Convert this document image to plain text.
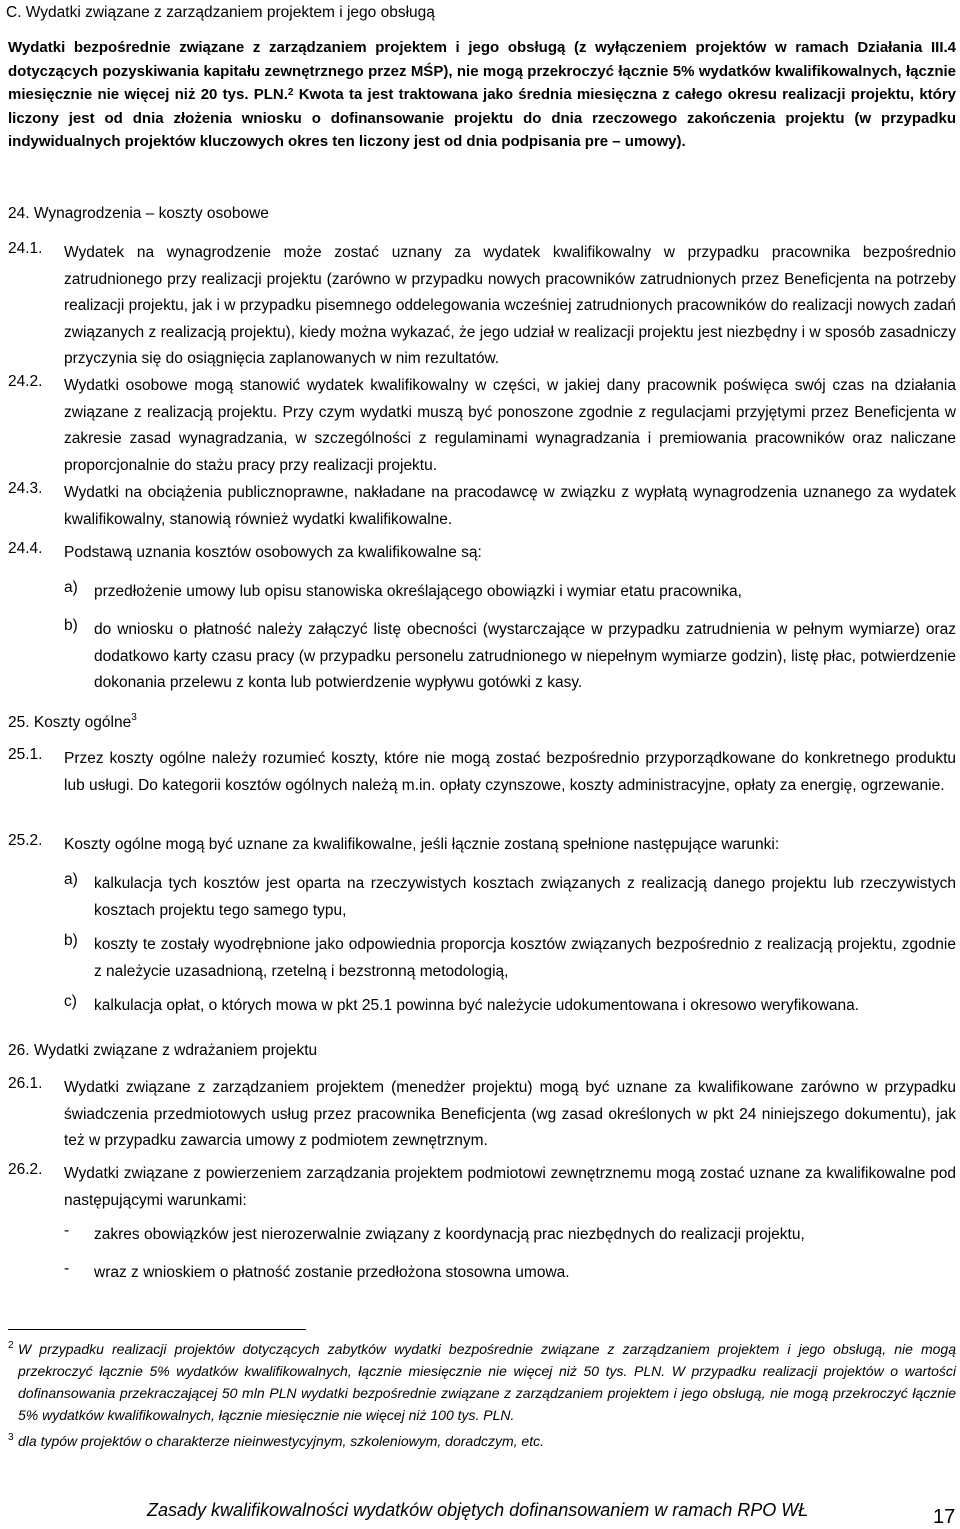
C. Wydatki związane z zarządzaniem projektem i jego obsługą
Wydatki bezpośrednie związane z zarządzaniem projektem i jego obsługą (z wyłączeniem projektów w ramach Działania III.4 dotyczących pozyskiwania kapitału zewnętrznego przez MŚP), nie mogą przekroczyć łącznie 5% wydatków kwalifikowalnych, łącznie miesięcznie nie więcej niż 20 tys. PLN.$^2$ Kwota ta jest traktowana jako średnia miesięczna z całego okresu realizacji projektu, który liczony jest od dnia złożenia wniosku o dofinansowanie projektu do dnia rzeczowego zakończenia projektu (w przypadku indywidualnych projektów kluczowych okres ten liczony jest od dnia podpisania pre – umowy).
24. Wynagrodzenia – koszty osobowe
24.1.	Wydatek na wynagrodzenie może zostać uznany za wydatek kwalifikowalny w przypadku pracownika bezpośrednio zatrudnionego przy realizacji projektu (zarówno w przypadku nowych pracowników zatrudnionych przez Beneficjenta na potrzeby realizacji projektu, jak i w przypadku pisemnego oddelegowania wcześniej zatrudnionych pracowników do realizacji nowych zadań związanych z realizacją projektu), kiedy można wykazać, że jego udział w realizacji projektu jest niezbędny i w sposób zasadniczy przyczynia się do osiągnięcia zaplanowanych w nim rezultatów.
24.2.	Wydatki osobowe mogą stanowić wydatek kwalifikowalny w części, w jakiej dany pracownik poświęca swój czas na działania związane z realizacją projektu. Przy czym wydatki muszą być ponoszone zgodnie z regulacjami przyjętymi przez Beneficjenta w zakresie zasad wynagradzania, w szczególności z regulaminami wynagradzania i premiowania pracowników oraz naliczane proporcjonalnie do stażu pracy przy realizacji projektu.
24.3.	Wydatki na obciążenia publicznoprawne, nakładane na pracodawcę w związku z wypłatą wynagrodzenia uznanego za wydatek kwalifikowalny, stanowią również wydatki kwalifikowalne.
24.4.	Podstawą uznania kosztów osobowych za kwalifikowalne są:
a)	przedłożenie umowy lub opisu stanowiska określającego obowiązki i wymiar etatu pracownika,
b)	do wniosku o płatność należy załączyć listę obecności (wystarczające w przypadku zatrudnienia w pełnym wymiarze) oraz dodatkowo karty czasu pracy (w przypadku personelu zatrudnionego w niepełnym wymiarze godzin), listę płac, potwierdzenie dokonania przelewu z konta lub potwierdzenie wypływu gotówki z kasy.
25. Koszty ogólne$^3$
25.1.	Przez koszty ogólne należy rozumieć koszty, które nie mogą zostać bezpośrednio przyporządkowane do konkretnego produktu lub usługi. Do kategorii kosztów ogólnych należą m.in. opłaty czynszowe, koszty administracyjne, opłaty za energię, ogrzewanie.
25.2.	Koszty ogólne mogą być uznane za kwalifikowalne, jeśli łącznie zostaną spełnione następujące warunki:
a)	kalkulacja tych kosztów jest oparta na rzeczywistych kosztach związanych z realizacją danego projektu lub rzeczywistych kosztach projektu tego samego typu,
b)	koszty te zostały wyodrębnione jako odpowiednia proporcja kosztów związanych bezpośrednio z realizacją projektu, zgodnie z należycie uzasadnioną, rzetelną i bezstronną metodologią,
c)	kalkulacja opłat, o których mowa w pkt 25.1 powinna być należycie udokumentowana i okresowo weryfikowana.
26. Wydatki związane z wdrażaniem projektu
26.1.	Wydatki związane z zarządzaniem projektem (menedżer projektu) mogą być uznane za kwalifikowane zarówno w przypadku świadczenia przedmiotowych usług przez pracownika Beneficjenta (wg zasad określonych w pkt 24 niniejszego dokumentu), jak też w przypadku zawarcia umowy z podmiotem zewnętrznym.
26.2.	Wydatki związane z powierzeniem zarządzania projektem podmiotowi zewnętrznemu mogą zostać uznane za kwalifikowalne pod następującymi warunkami:
-	zakres obowiązków jest nierozerwalnie związany z koordynacją prac niezbędnych do realizacji projektu,
-	wraz z wnioskiem o płatność zostanie przedłożona stosowna umowa.
2 W przypadku realizacji projektów dotyczących zabytków wydatki bezpośrednie związane z zarządzaniem projektem i jego obsługą, nie mogą przekroczyć łącznie 5% wydatków kwalifikowalnych, łącznie miesięcznie nie więcej niż 50 tys. PLN. W przypadku realizacji projektów o wartości dofinansowania przekraczającej 50 mln PLN wydatki bezpośrednie związane z zarządzaniem projektem i jego obsługą, nie mogą przekroczyć łącznie 5% wydatków kwalifikowalnych, łącznie miesięcznie nie więcej niż 100 tys. PLN.
3 dla typów projektów o charakterze nieinwestycyjnym, szkoleniowym, doradczym, etc.
Zasady kwalifikowalności wydatków objętych dofinansowaniem w ramach RPO WŁ	17
